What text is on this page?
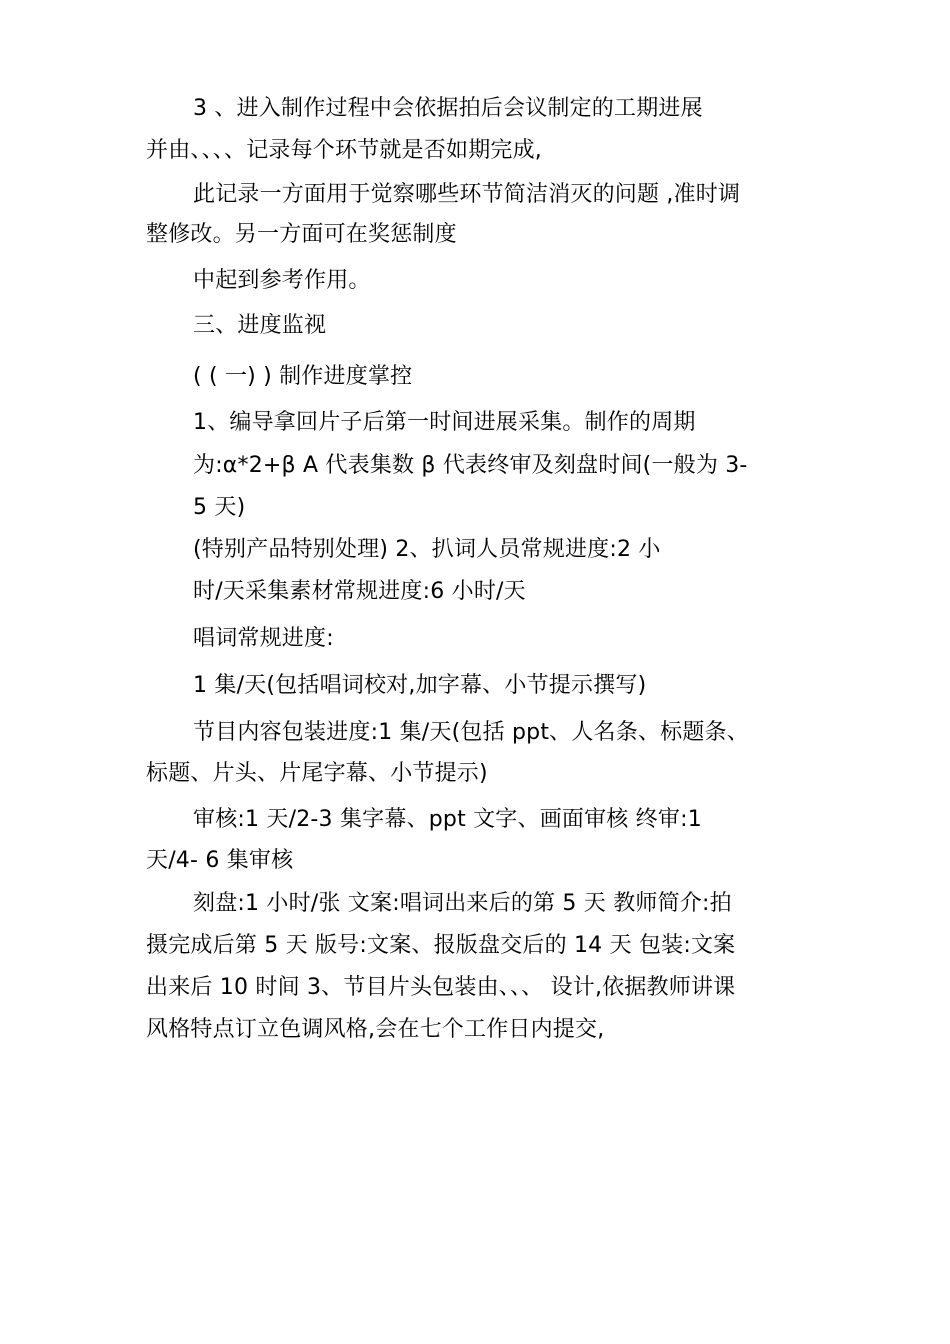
3 、进入制作过程中会依据拍后会议制定的工期进展
并由、、、、记录每个环节就是否如期完成,
此记录一方面用于觉察哪些环节简洁消灭的问题 ,准时调
整修改。另一方面可在奖惩制度
中起到参考作用。
三、进度监视
( ( 一) ) 制作进度掌控
1、编导拿回片子后第一时间进展采集。制作的周期
为:α*2+β A 代表集数 β 代表终审及刻盘时间(一般为 3-
5 天)
(特别产品特别处理) 2、扒词人员常规进度:2 小
时/天采集素材常规进度:6 小时/天
唱词常规进度:
1 集/天(包括唱词校对,加字幕、小节提示撰写)
节目内容包装进度:1 集/天(包括 ppt、人名条、标题条、
标题、片头、片尾字幕、小节提示)
审核:1 天/2-3 集字幕、ppt 文字、画面审核 终审:1
天/4- 6 集审核
刻盘:1 小时/张 文案:唱词出来后的第 5 天 教师简介:拍
摄完成后第 5 天 版号:文案、报版盘交后的 14 天 包装:文案
出来后 10 时间 3、节目片头包装由、、、 设计,依据教师讲课
风格特点订立色调风格,会在七个工作日内提交,
